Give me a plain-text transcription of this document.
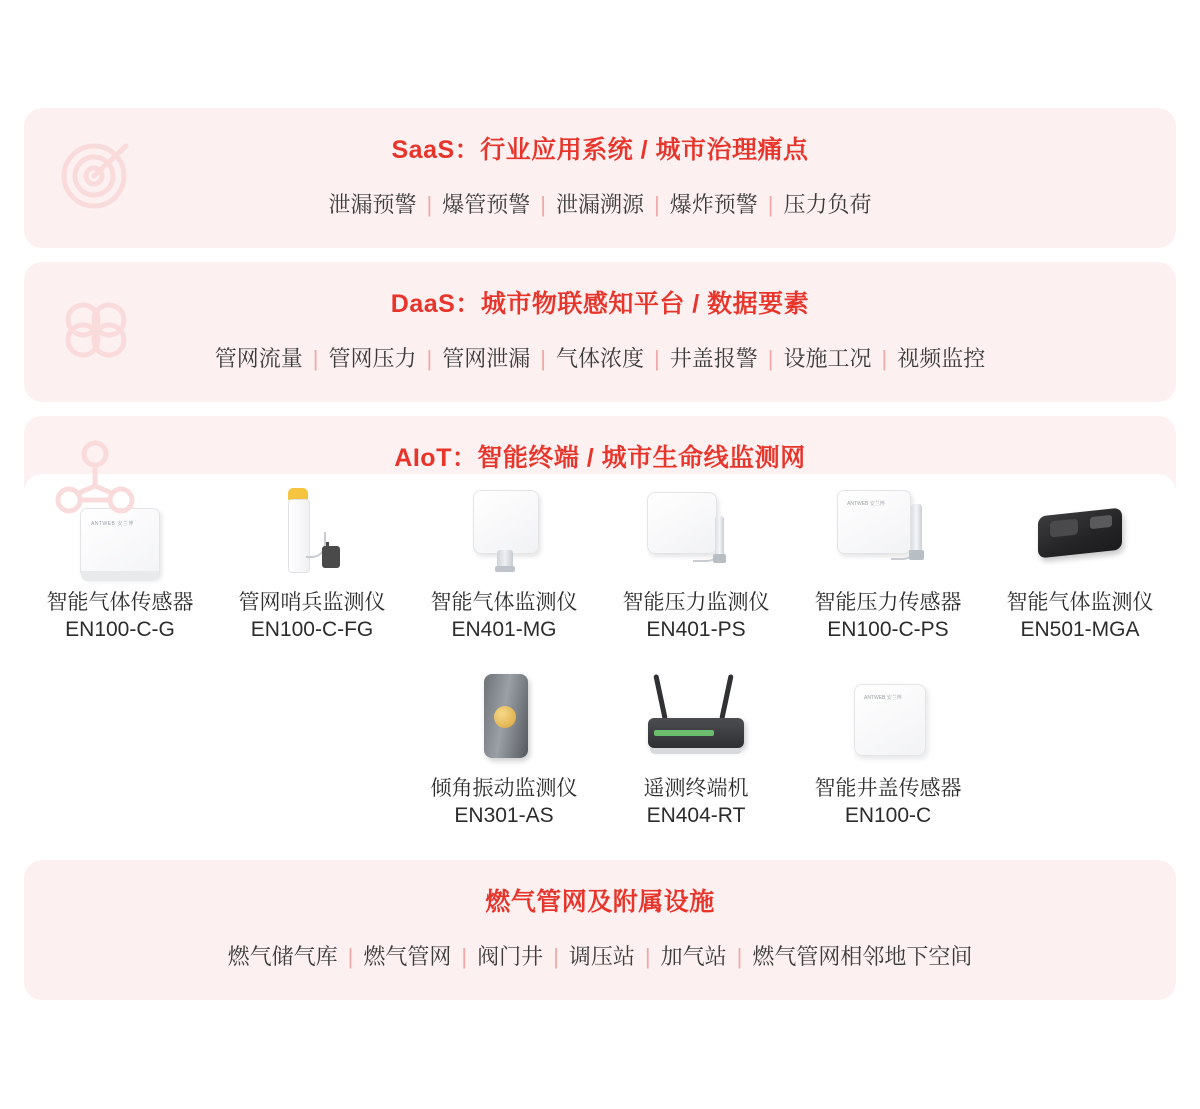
SaaS：行业应用系统 / 城市治理痛点
泄漏预警 | 爆管预警 | 泄漏溯源 | 爆炸预警 | 压力负荷
DaaS：城市物联感知平台 / 数据要素
管网流量 | 管网压力 | 管网泄漏 | 气体浓度 | 井盖报警 | 设施工况 | 视频监控
AIoT：智能终端 / 城市生命线监测网
ANTWEB 安兰博
智能气体传感器
EN100-C-G
管网哨兵监测仪
EN100-C-FG
智能气体监测仪
EN401-MG
智能压力监测仪
EN401-PS
ANTWEB 安兰博
智能压力传感器
EN100-C-PS
智能气体监测仪
EN501-MGA
倾角振动监测仪
EN301-AS
遥测终端机
EN404-RT
ANTWEB 安兰博
智能井盖传感器
EN100-C
燃气管网及附属设施
燃气储气库 | 燃气管网 | 阀门井 | 调压站 | 加气站 | 燃气管网相邻地下空间
